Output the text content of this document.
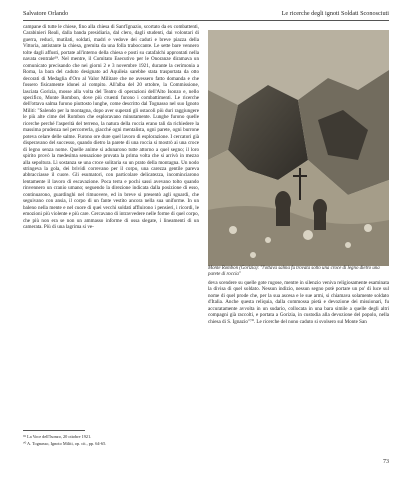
Salvatore Orlando	Le ricerche degli ignoti Soldati Sconosciuti

campane di tutte le chiese, fino alla chiesa di Sant'Ignazio, scortato da ex combattenti, Carabinieri Reali, dalla banda presidiaria, dal clero, dagli studenti, dai volontari di guerra, reduci, mutilati, soldati, madri e vedove dei caduti e breve piazza della Vittoria, antistante la chiesa, gremita da una folla traboccante. Le sette bare vennero tolte dagli affusti, portate all'interno della chiesa e posti su catafalchi approntati nella navata centrale⁶⁹. Nel mentre, il Comitato Esecutivo per le Onoranze diramava un comunicato precisando che nei giorni 2 e 3 novembre 1921, durante la cerimonia a Roma, la bara del caduto designato ad Aquileia sarebbe stata trasportata da otto decorati di Medaglia d'Oro al Valor Militare che ne avessero fatto domanda e che fossero fisicamente idonei al compito. All'alba del 20 ottobre, la Commissione, lasciata Gorizia, mosse alla volta del Teatro di operazioni dell'Alto Isonzo e, nello specifico, Monte Rombon, dove più cruenti furono i combattimenti. Le ricerche dell'ottava salma furono piuttosto lunghe, come descritto dal Tognasso nel suo Ignoto Militi: "Salendo per la montagna, dopo aver superati gli ostacoli più duri raggiungere le più alte cime del Rombon che esploravano minutamente. Lunghe furono quelle ricerche perché l'asperità del terreno, la natura della roccia erano tali da richiedere la massima prudenza nel percorrerla, giacché ogni mentalista, ogni parete, ogni burrone poteva celare delle salme. Furono ore dure quel lavoro di esplorazione. I cercatori già disperavano del successo, quando dietro la parete di una roccia si mostrò ai una croce di legno senza nome. Quelle anime si adunarono tutte attorno a quel segno; il loro spirito provò la medesima sensazione provata la prima volta che si arrivò in mezzo alla sepoltura. Lì sostanza se una croce solitaria su un prato della montagna. Un nodo stringeva la gola, dei brividi correvano per il corpo, una carezza gentile pareva abbracciasse il cuore. Gli esumatori, con particolare delicatezza, incominciarono lentamente il lavoro di escavazione. Poca terra e pochi sassi avevano tolto quando rinvennero un cranio umano; seguendo la direzione indicata dalla posizione di esso, continuarono, guardinghi nel rimuovere, ed in breve si presentò agli sguardi, che seguivano con ansia, il corpo di un fante vestito ancora nella sua uniforme. In un baleno nella mente e nel cuore di quei vecchi soldati affluirono i pensieri, i ricordi, le emozioni più violente e più care. Cercavano di intravvedere nelle forme di quel corpo, che più non era se non un ammasso informe di ossa slegate, i lineamenti di un camerata. Più di una lagrima si ve-

Monte Rombon (Gorizia): "l'ottava salma fu trovata sotto una croce di legno dietro una parete di roccia"

deva scendere su quelle gote rugose, mentre in silenzio veniva religiosamente esaminata la divisa di quel soldato. Nessun indizio, nessun segno potè portare un po' di luce sul nome di quel prode che, per la sua ascesa e le sue armi, si chiamava solamente soldato d'Italia. Anche questa reliquia, dalla commossa pietà e devozione dei missionari, fu accuratamente avvolta in un sudario, collocata in una bara simile a quelle degli altri compagni già raccolti, e portata a Gorizia, in custodia alla devozione del popolo, nella chiesa di S. Ignazio"⁷⁰. Le ricerche del nono caduto si svolsero sul Monte San

⁶⁹ La Voce dell'Isonzo, 20 ottobre 1921.

⁷⁰ A. Tognasso, Ignoto Militi, op. cit., pp. 64-65.

73
